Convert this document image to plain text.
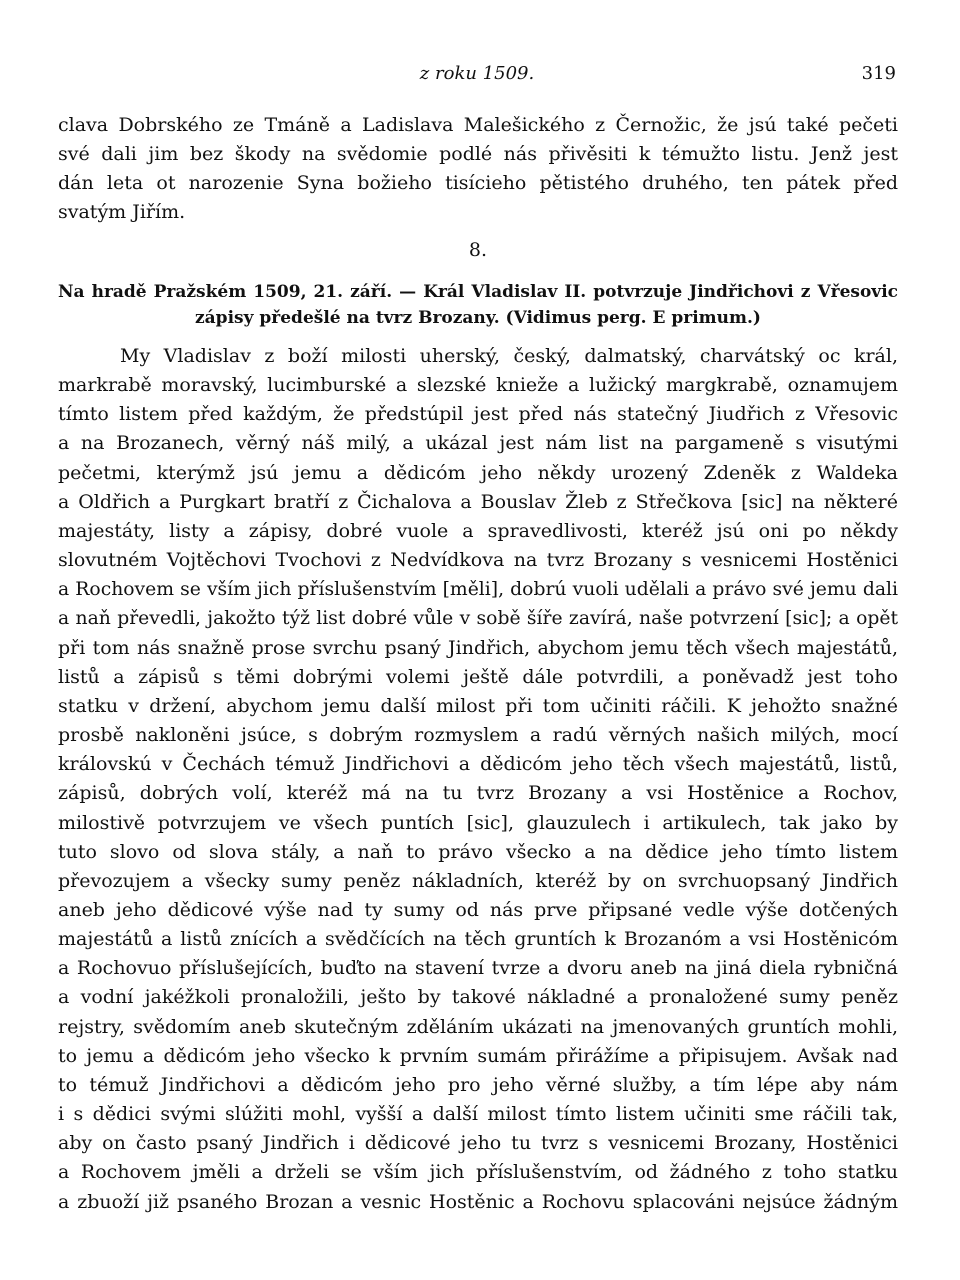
z roku 1509.	319
clava Dobrského ze Tmáně a Ladislava Malešického z Černožic, že jsú také pečeti
své dali jim bez škody na svědomie podlé nás přivěsiti k témužto listu. Jenž jest
dán leta ot narozenie Syna božieho tisícieho pětistého druhého, ten pátek před
svatým Jiřím.
8.
Na hradě Pražském 1509, 21. září. — Král Vladislav II. potvrzuje Jindřichovi z Vřesovic
zápisy předešlé na tvrz Brozany. (Vidimus perg. E primum.)
My Vladislav z boží milosti uherský, český, dalmatský, charvátský oc král,
markrabě moravský, lucimburské a slezské knieže a lužický margkrabě, oznamujem
tímto listem před každým, že předstúpil jest před nás statečný Jiudřich z Vřesovic
a na Brozanech, věrný náš milý, a ukázal jest nám list na pargameně s visutými
pečetmi, kterýmž jsú jemu a dědicóm jeho někdy urozený Zdeněk z Waldeka
a Oldřich a Purgkart bratří z Čichalova a Bouslav Žleb z Střečkova [sic] na některé
majestáty, listy a zápisy, dobré vuole a spravedlivosti, kteréž jsú oni po někdy
slovutném Vojtěchovi Tvochovi z Nedvídkova na tvrz Brozany s vesnicemi Hostěnici
a Rochovem se vším jich příslušenstvím [měli], dobrú vuoli udělali a právo své jemu dali
a naň převedli, jakožto týž list dobré vůle v sobě šíře zavírá, naše potvrzení [sic]; a opět
při tom nás snažně prose svrchu psaný Jindřich, abychom jemu těch všech majestátů,
listů a zápisů s těmi dobrými volemi ještě dále potvrdili, a poněvadž jest toho
statku v držení, abychom jemu další milost při tom učiniti ráčili. K jehožto snažné
prosbě nakloněni jsúce, s dobrým rozmyslem a radú věrných našich milých, mocí
královskú v Čechách témuž Jindřichovi a dědicóm jeho těch všech majestátů, listů,
zápisů, dobrých volí, kteréž má na tu tvrz Brozany a vsi Hostěnice a Rochov,
milostivě potvrzujem ve všech puntích [sic], glauzulech i artikulech, tak jako by
tuto slovo od slova stály, a naň to právo všecko a na dědice jeho tímto listem
převozujem a všecky sumy peněz nákladních, kteréž by on svrchuopsaný Jindřich
aneb jeho dědicové výše nad ty sumy od nás prve připsané vedle výše dotčených
majestátů a listů znících a svědčících na těch gruntích k Brozanóm a vsi Hostěnicóm
a Rochovuo příslušejících, buďto na stavení tvrze a dvoru aneb na jiná diela rybničná
a vodní jakéžkoli pronaložili, ješto by takové nákladné a pronaložené sumy peněz
rejstry, svědomím aneb skutečným zděláním ukázati na jmenovaných gruntích mohli,
to jemu a dědicóm jeho všecko k prvním sumám přirážíme a připisujem. Avšak nad
to témuž Jindřichovi a dědicóm jeho pro jeho věrné služby, a tím lépe aby nám
i s dědici svými slúžiti mohl, vyšší a další milost tímto listem učiniti sme ráčili tak,
aby on často psaný Jindřich i dědicové jeho tu tvrz s vesnicemi Brozany, Hostěnici
a Rochovem jměli a drželi se vším jich příslušenstvím, od žádného z toho statku
a zbuoží již psaného Brozan a vesnic Hostěnic a Rochovu splacováni nejsúce žádným
